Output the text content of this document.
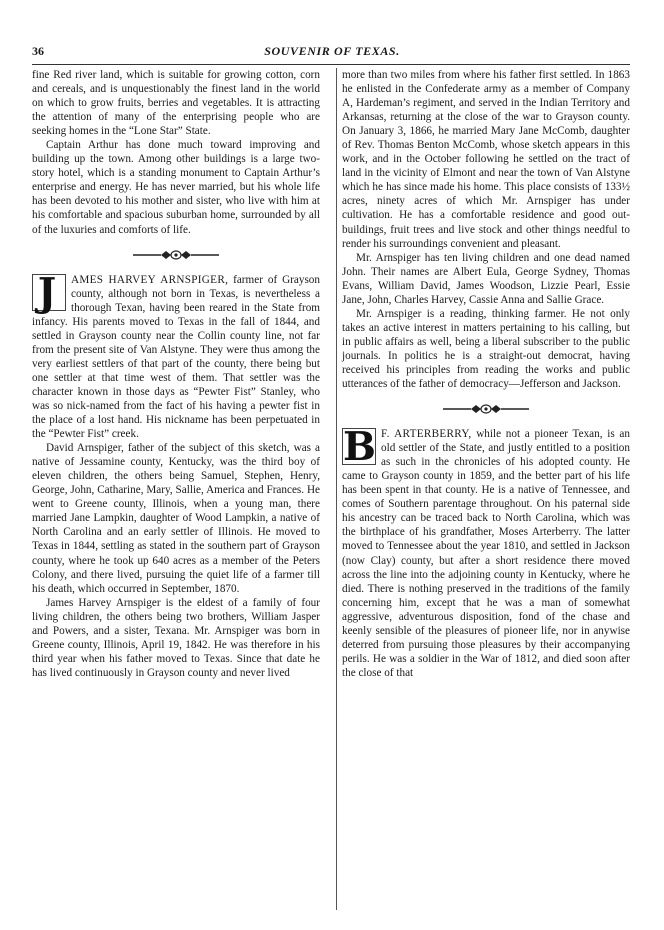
36	SOUVENIR OF TEXAS.

fine Red river land, which is suitable for growing cotton, corn and cereals, and is unquestionably the finest land in the world on which to grow fruits, berries and vegetables. It is attracting the attention of many of the enterprising people who are seeking homes in the “Lone Star” State.

Captain Arthur has done much toward improving and building up the town. Among other buildings is a large two-story hotel, which is a standing monument to Captain Arthur’s enterprise and energy. He has never married, but his whole life has been devoted to his mother and sister, who live with him at his comfortable and spacious suburban home, surrounded by all of the luxuries and comforts of life.

J	AMES HARVEY ARNSPIGER, farmer of Grayson county, although not born in Texas, is nevertheless a thorough Texan, having been reared in the State from infancy. His parents moved to Texas in the fall of 1844, and settled in Grayson county near the Collin county line, not far from the present site of Van Alstyne. They were thus among the very earliest settlers of that part of the county, there being but one settler at that time west of them. That settler was the character known in those days as “Pewter Fist” Stanley, who was so nick-named from the fact of his having a pewter fist in the place of a lost hand. His nickname has been perpetuated in the “Pewter Fist” creek.

David Arnspiger, father of the subject of this sketch, was a native of Jessamine county, Kentucky, was the third boy of eleven children, the others being Samuel, Stephen, Henry, George, John, Catharine, Mary, Sallie, America and Frances. He went to Greene county, Illinois, when a young man, there married Jane Lampkin, daughter of Wood Lampkin, a native of North Carolina and an early settler of Illinois. He moved to Texas in 1844, settling as stated in the southern part of Grayson county, where he took up 640 acres as a member of the Peters Colony, and there lived, pursuing the quiet life of a farmer till his death, which occurred in September, 1870.

James Harvey Arnspiger is the eldest of a family of four living children, the others being two brothers, William Jasper and Powers, and a sister, Texana. Mr. Arnspiger was born in Greene county, Illinois, April 19, 1842. He was therefore in his third year when his father moved to Texas. Since that date he has lived continuously in Grayson county and never lived

more than two miles from where his father first settled. In 1863 he enlisted in the Confederate army as a member of Company A, Hardeman’s regiment, and served in the Indian Territory and Arkansas, returning at the close of the war to Grayson county. On January 3, 1866, he married Mary Jane McComb, daughter of Rev. Thomas Benton McComb, whose sketch appears in this work, and in the October following he settled on the tract of land in the vicinity of Elmont and near the town of Van Alstyne which he has since made his home. This place consists of 133½ acres, ninety acres of which Mr. Arnspiger has under cultivation. He has a comfortable residence and good out-buildings, fruit trees and live stock and other things needful to render his surroundings convenient and pleasant.

Mr. Arnspiger has ten living children and one dead named John. Their names are Albert Eula, George Sydney, Thomas Evans, William David, James Woodson, Lizzie Pearl, Essie Jane, John, Charles Harvey, Cassie Anna and Sallie Grace.

Mr. Arnspiger is a reading, thinking farmer. He not only takes an active interest in matters pertaining to his calling, but in public affairs as well, being a liberal subscriber to the public journals. In politics he is a straight-out democrat, having received his principles from reading the works and public utterances of the father of democracy—Jefferson and Jackson.

B F. ARTERBERRY, while not a pioneer Texan, is an old settler of the State, and justly entitled to a position as such in the chronicles of his adopted county. He came to Grayson county in 1859, and the better part of his life has been spent in that county. He is a native of Tennessee, and comes of Southern parentage throughout. On his paternal side his ancestry can be traced back to North Carolina, which was the birthplace of his grandfather, Moses Arterberry. The latter moved to Tennessee about the year 1810, and settled in Jackson (now Clay) county, but after a short residence there moved across the line into the adjoining county in Kentucky, where he died. There is nothing preserved in the traditions of the family concerning him, except that he was a man of somewhat aggressive, adventurous disposition, fond of the chase and keenly sensible of the pleasures of pioneer life, nor in anywise deterred from pursuing those pleasures by their accompanying perils. He was a soldier in the War of 1812, and died soon after the close of that
